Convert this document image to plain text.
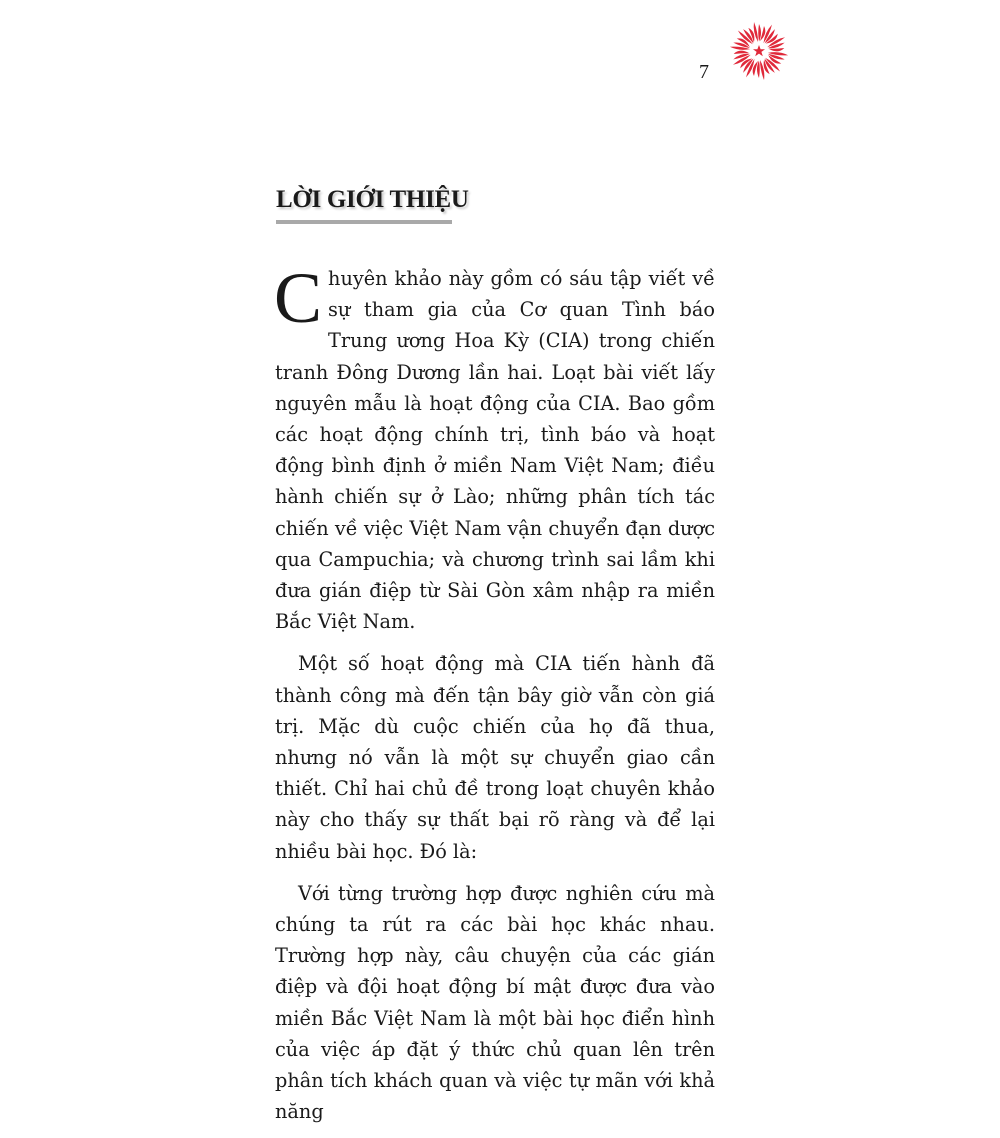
7
LỜI GIỚI THIỆU

Chuyên khảo này gồm có sáu tập viết về sự tham gia của Cơ quan Tình báo Trung ương Hoa Kỳ (CIA) trong chiến tranh Đông Dương lần hai. Loạt bài viết lấy nguyên mẫu là hoạt động của CIA. Bao gồm các hoạt động chính trị, tình báo và hoạt động bình định ở miền Nam Việt Nam; điều hành chiến sự ở Lào; những phân tích tác chiến về việc Việt Nam vận chuyển đạn dược qua Campuchia; và chương trình sai lầm khi đưa gián điệp từ Sài Gòn xâm nhập ra miền Bắc Việt Nam.

Một số hoạt động mà CIA tiến hành đã thành công mà đến tận bây giờ vẫn còn giá trị. Mặc dù cuộc chiến của họ đã thua, nhưng nó vẫn là một sự chuyển giao cần thiết. Chỉ hai chủ đề trong loạt chuyên khảo này cho thấy sự thất bại rõ ràng và để lại nhiều bài học. Đó là:

Với từng trường hợp được nghiên cứu mà chúng ta rút ra các bài học khác nhau. Trường hợp này, câu chuyện của các gián điệp và đội hoạt động bí mật được đưa vào miền Bắc Việt Nam là một bài học điển hình của việc áp đặt ý thức chủ quan lên trên phân tích khách quan và việc tự mãn với khả năng
